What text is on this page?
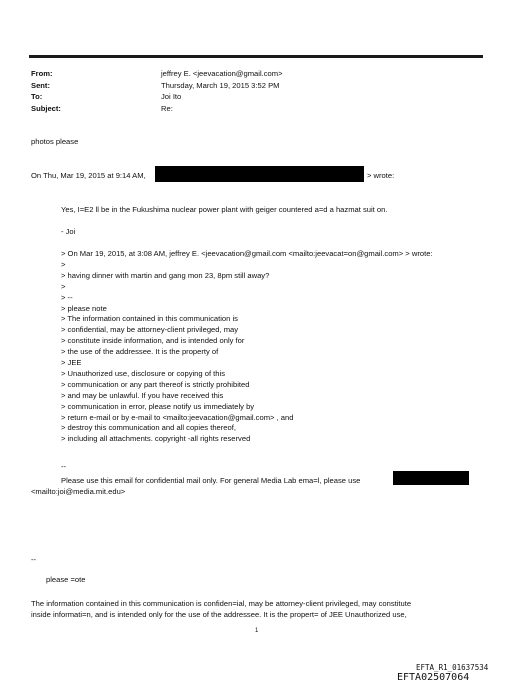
From:	jeffrey E. <jeevacation@gmail.com>
Sent:	Thursday, March 19, 2015 3:52 PM
To:	Joi Ito
Subject:	Re:
photos please
On Thu, Mar 19, 2015 at 9:14 AM,	> wrote:
Yes, I=E2 ll be in the Fukushima nuclear power plant with geiger countered a=d a hazmat suit on.
- Joi
> On Mar 19, 2015, at 3:08 AM, jeffrey E. <jeevacation@gmail.com <mailto:jeevacat=on@gmail.com> > wrote:
>
> having dinner with martin and gang mon 23, 8pm still away?
>
> --
> please note
> The information contained in this communication is
> confidential, may be attorney-client privileged, may
> constitute inside information, and is intended only for
> the use of the addressee. It is the property of
> JEE
> Unauthorized use, disclosure or copying of this
> communication or any part thereof is strictly prohibited
> and may be unlawful. If you have received this
> communication in error, please notify us immediately by
> return e-mail or by e-mail to <mailto:jeevacation@gmail.com> , and
> destroy this communication and all copies thereof,
> including all attachments. copyright -all rights reserved
--
Please use this email for confidential mail only. For general Media Lab ema=l, please use
<mailto:joi@media.mit.edu>
--
please =ote
The information contained in this communication is confiden=ial, may be attorney-client privileged, may constitute
inside informati=n, and is intended only for the use of the addressee. It is the propert= of JEE Unauthorized use,
1
EFTA_R1_01637534
EFTA02507064
